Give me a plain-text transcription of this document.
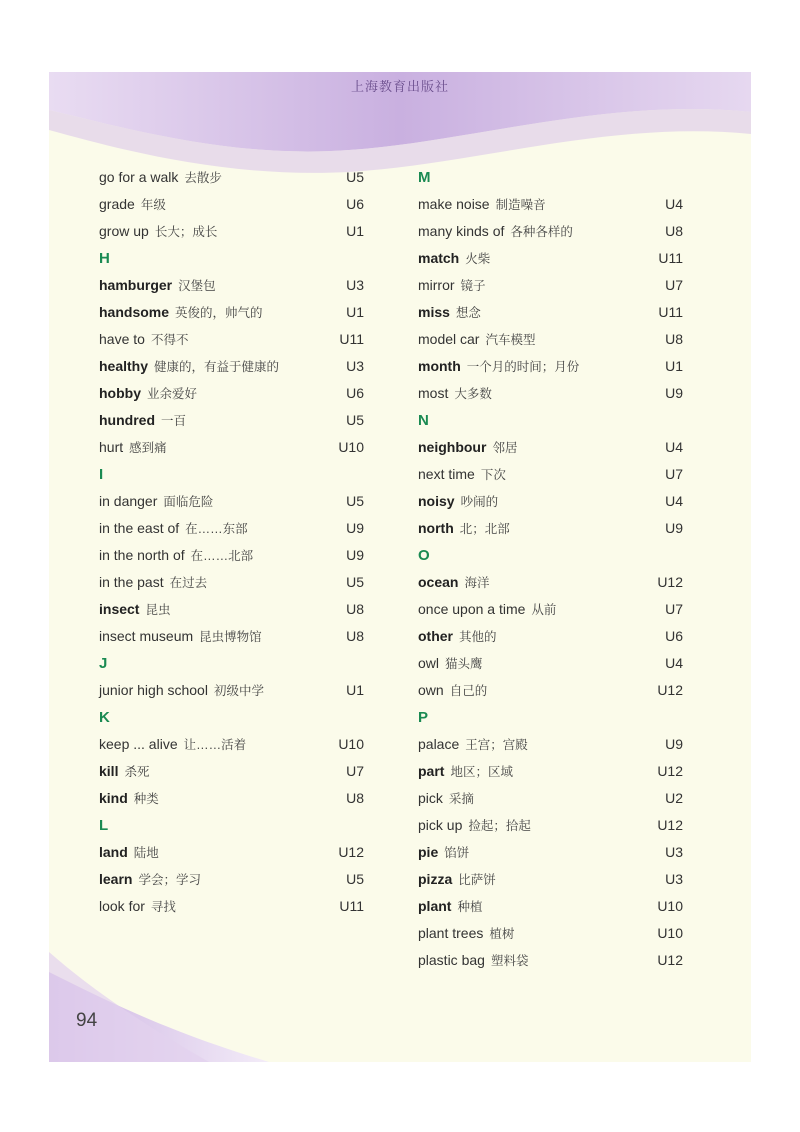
上海教育出版社
94
go for a walk 去散步	U5
grade 年级	U6
grow up 长大；成长	U1
H
hamburger 汉堡包	U3
handsome 英俊的，帅气的	U1
have to 不得不	U11
healthy 健康的，有益于健康的	U3
hobby 业余爱好	U6
hundred 一百	U5
hurt 感到痛	U10
I
in danger 面临危险	U5
in the east of 在……东部	U9
in the north of 在……北部	U9
in the past 在过去	U5
insect 昆虫	U8
insect museum 昆虫博物馆	U8
J
junior high school 初级中学	U1
K
keep ... alive 让……活着	U10
kill 杀死	U7
kind 种类	U8
L
land 陆地	U12
learn 学会；学习	U5
look for 寻找	U11
M
make noise 制造噪音	U4
many kinds of 各种各样的	U8
match 火柴	U11
mirror 镜子	U7
miss 想念	U11
model car 汽车模型	U8
month 一个月的时间；月份	U1
most 大多数	U9
N
neighbour 邻居	U4
next time 下次	U7
noisy 吵闹的	U4
north 北；北部	U9
O
ocean 海洋	U12
once upon a time 从前	U7
other 其他的	U6
owl 猫头鹰	U4
own 自己的	U12
P
palace 王宫；宫殿	U9
part 地区；区域	U12
pick 采摘	U2
pick up 捡起；拾起	U12
pie 馅饼	U3
pizza 比萨饼	U3
plant 种植	U10
plant trees 植树	U10
plastic bag 塑料袋	U12
